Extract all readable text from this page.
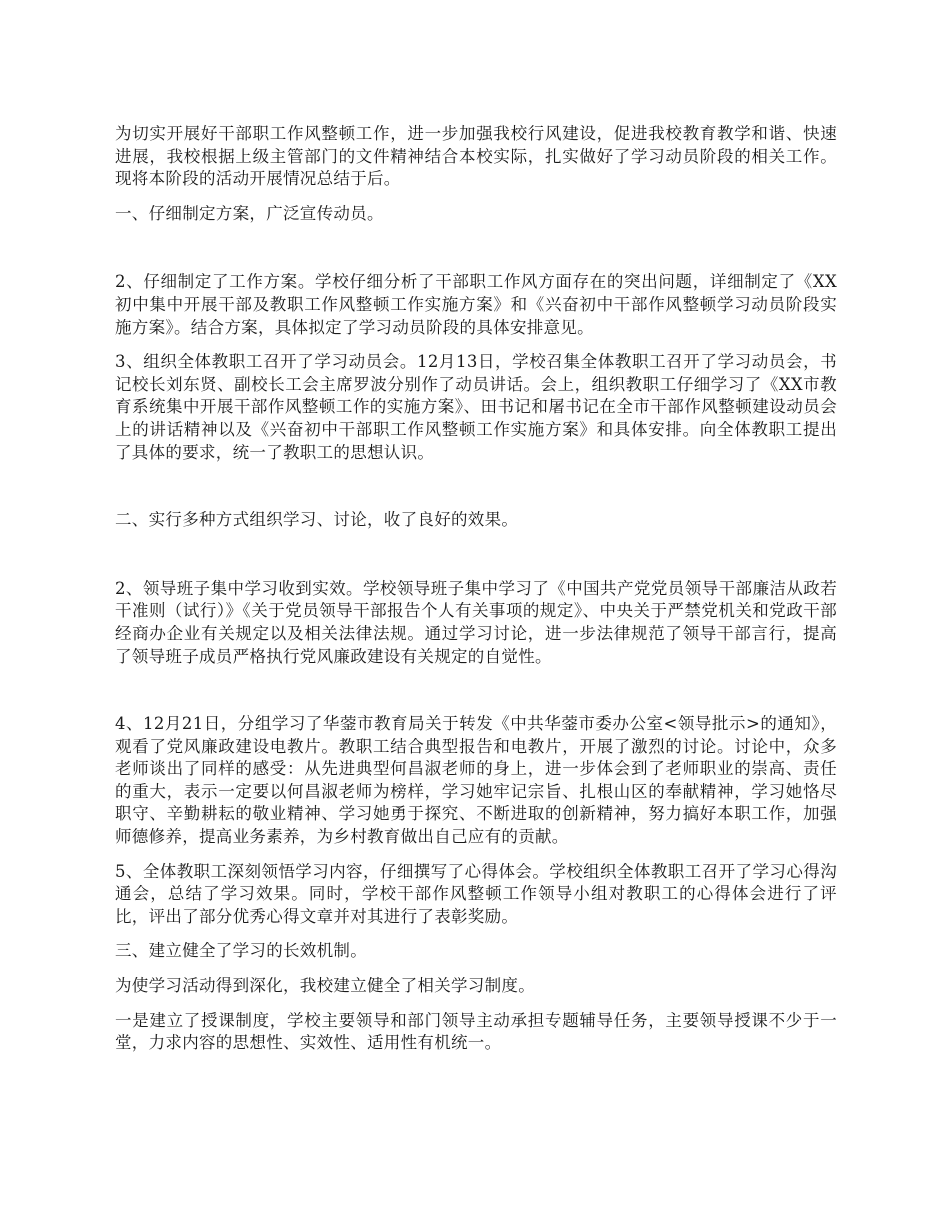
为切实开展好干部职工作风整顿工作，进一步加强我校行风建设，促进我校教育教学和谐、快速进展，我校根据上级主管部门的文件精神结合本校实际，扎实做好了学习动员阶段的相关工作。现将本阶段的活动开展情况总结于后。

一、仔细制定方案，广泛宣传动员。

2、仔细制定了工作方案。学校仔细分析了干部职工作风方面存在的突出问题，详细制定了《XX初中集中开展干部及教职工作风整顿工作实施方案》和《兴奋初中干部作风整顿学习动员阶段实施方案》。结合方案，具体拟定了学习动员阶段的具体安排意见。

3、组织全体教职工召开了学习动员会。12月13日，学校召集全体教职工召开了学习动员会，书记校长刘东贤、副校长工会主席罗波分别作了动员讲话。会上，组织教职工仔细学习了《XX市教育系统集中开展干部作风整顿工作的实施方案》、田书记和屠书记在全市干部作风整顿建设动员会上的讲话精神以及《兴奋初中干部职工作风整顿工作实施方案》和具体安排。向全体教职工提出了具体的要求，统一了教职工的思想认识。

二、实行多种方式组织学习、讨论，收了良好的效果。

2、领导班子集中学习收到实效。学校领导班子集中学习了《中国共产党党员领导干部廉洁从政若干准则（试行）》《关于党员领导干部报告个人有关事项的规定》、中央关于严禁党机关和党政干部经商办企业有关规定以及相关法律法规。通过学习讨论，进一步法律规范了领导干部言行，提高了领导班子成员严格执行党风廉政建设有关规定的自觉性。

4、12月21日，分组学习了华蓥市教育局关于转发《中共华蓥市委办公室<领导批示>的通知》，观看了党风廉政建设电教片。教职工结合典型报告和电教片，开展了激烈的讨论。讨论中，众多老师谈出了同样的感受：从先进典型何昌淑老师的身上，进一步体会到了老师职业的崇高、责任的重大，表示一定要以何昌淑老师为榜样，学习她牢记宗旨、扎根山区的奉献精神，学习她恪尽职守、辛勤耕耘的敬业精神、学习她勇于探究、不断进取的创新精神，努力搞好本职工作，加强师德修养，提高业务素养，为乡村教育做出自己应有的贡献。

5、全体教职工深刻领悟学习内容，仔细撰写了心得体会。学校组织全体教职工召开了学习心得沟通会，总结了学习效果。同时，学校干部作风整顿工作领导小组对教职工的心得体会进行了评比，评出了部分优秀心得文章并对其进行了表彰奖励。

三、建立健全了学习的长效机制。

为使学习活动得到深化，我校建立健全了相关学习制度。

一是建立了授课制度，学校主要领导和部门领导主动承担专题辅导任务，主要领导授课不少于一堂，力求内容的思想性、实效性、适用性有机统一。
